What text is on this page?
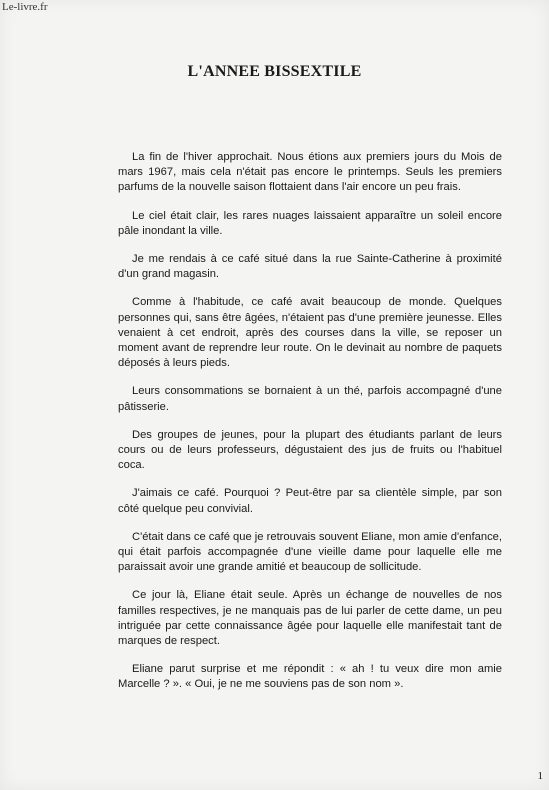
Le-livre.fr
L'ANNEE BISSEXTILE

La fin de l'hiver approchait. Nous étions aux premiers jours du Mois de mars 1967, mais cela n'était pas encore le printemps. Seuls les premiers parfums de la nouvelle saison flottaient dans l'air encore un peu frais.

Le ciel était clair, les rares nuages laissaient apparaître un soleil encore pâle inondant la ville.

Je me rendais à ce café situé dans la rue Sainte-Catherine à proximité d'un grand magasin.

Comme à l'habitude, ce café avait beaucoup de monde. Quelques personnes qui, sans être âgées, n'étaient pas d'une première jeunesse. Elles venaient à cet endroit, après des courses dans la ville, se reposer un moment avant de reprendre leur route. On le devinait au nombre de paquets déposés à leurs pieds.

Leurs consommations se bornaient à un thé, parfois accompagné d'une pâtisserie.

Des groupes de jeunes, pour la plupart des étudiants parlant de leurs cours ou de leurs professeurs, dégustaient des jus de fruits ou l'habituel coca.

J'aimais ce café. Pourquoi ? Peut-être par sa clientèle simple, par son côté quelque peu convivial.

C'était dans ce café que je retrouvais souvent Eliane, mon amie d'enfance, qui était parfois accompagnée d'une vieille dame pour laquelle elle me paraissait avoir une grande amitié et beaucoup de sollicitude.

Ce jour là, Eliane était seule. Après un échange de nouvelles de nos familles respectives, je ne manquais pas de lui parler de cette dame, un peu intriguée par cette connaissance âgée pour laquelle elle manifestait tant de marques de respect.

Eliane parut surprise et me répondit : « ah ! tu veux dire mon amie Marcelle ? ». « Oui, je ne me souviens pas de son nom ».

1
